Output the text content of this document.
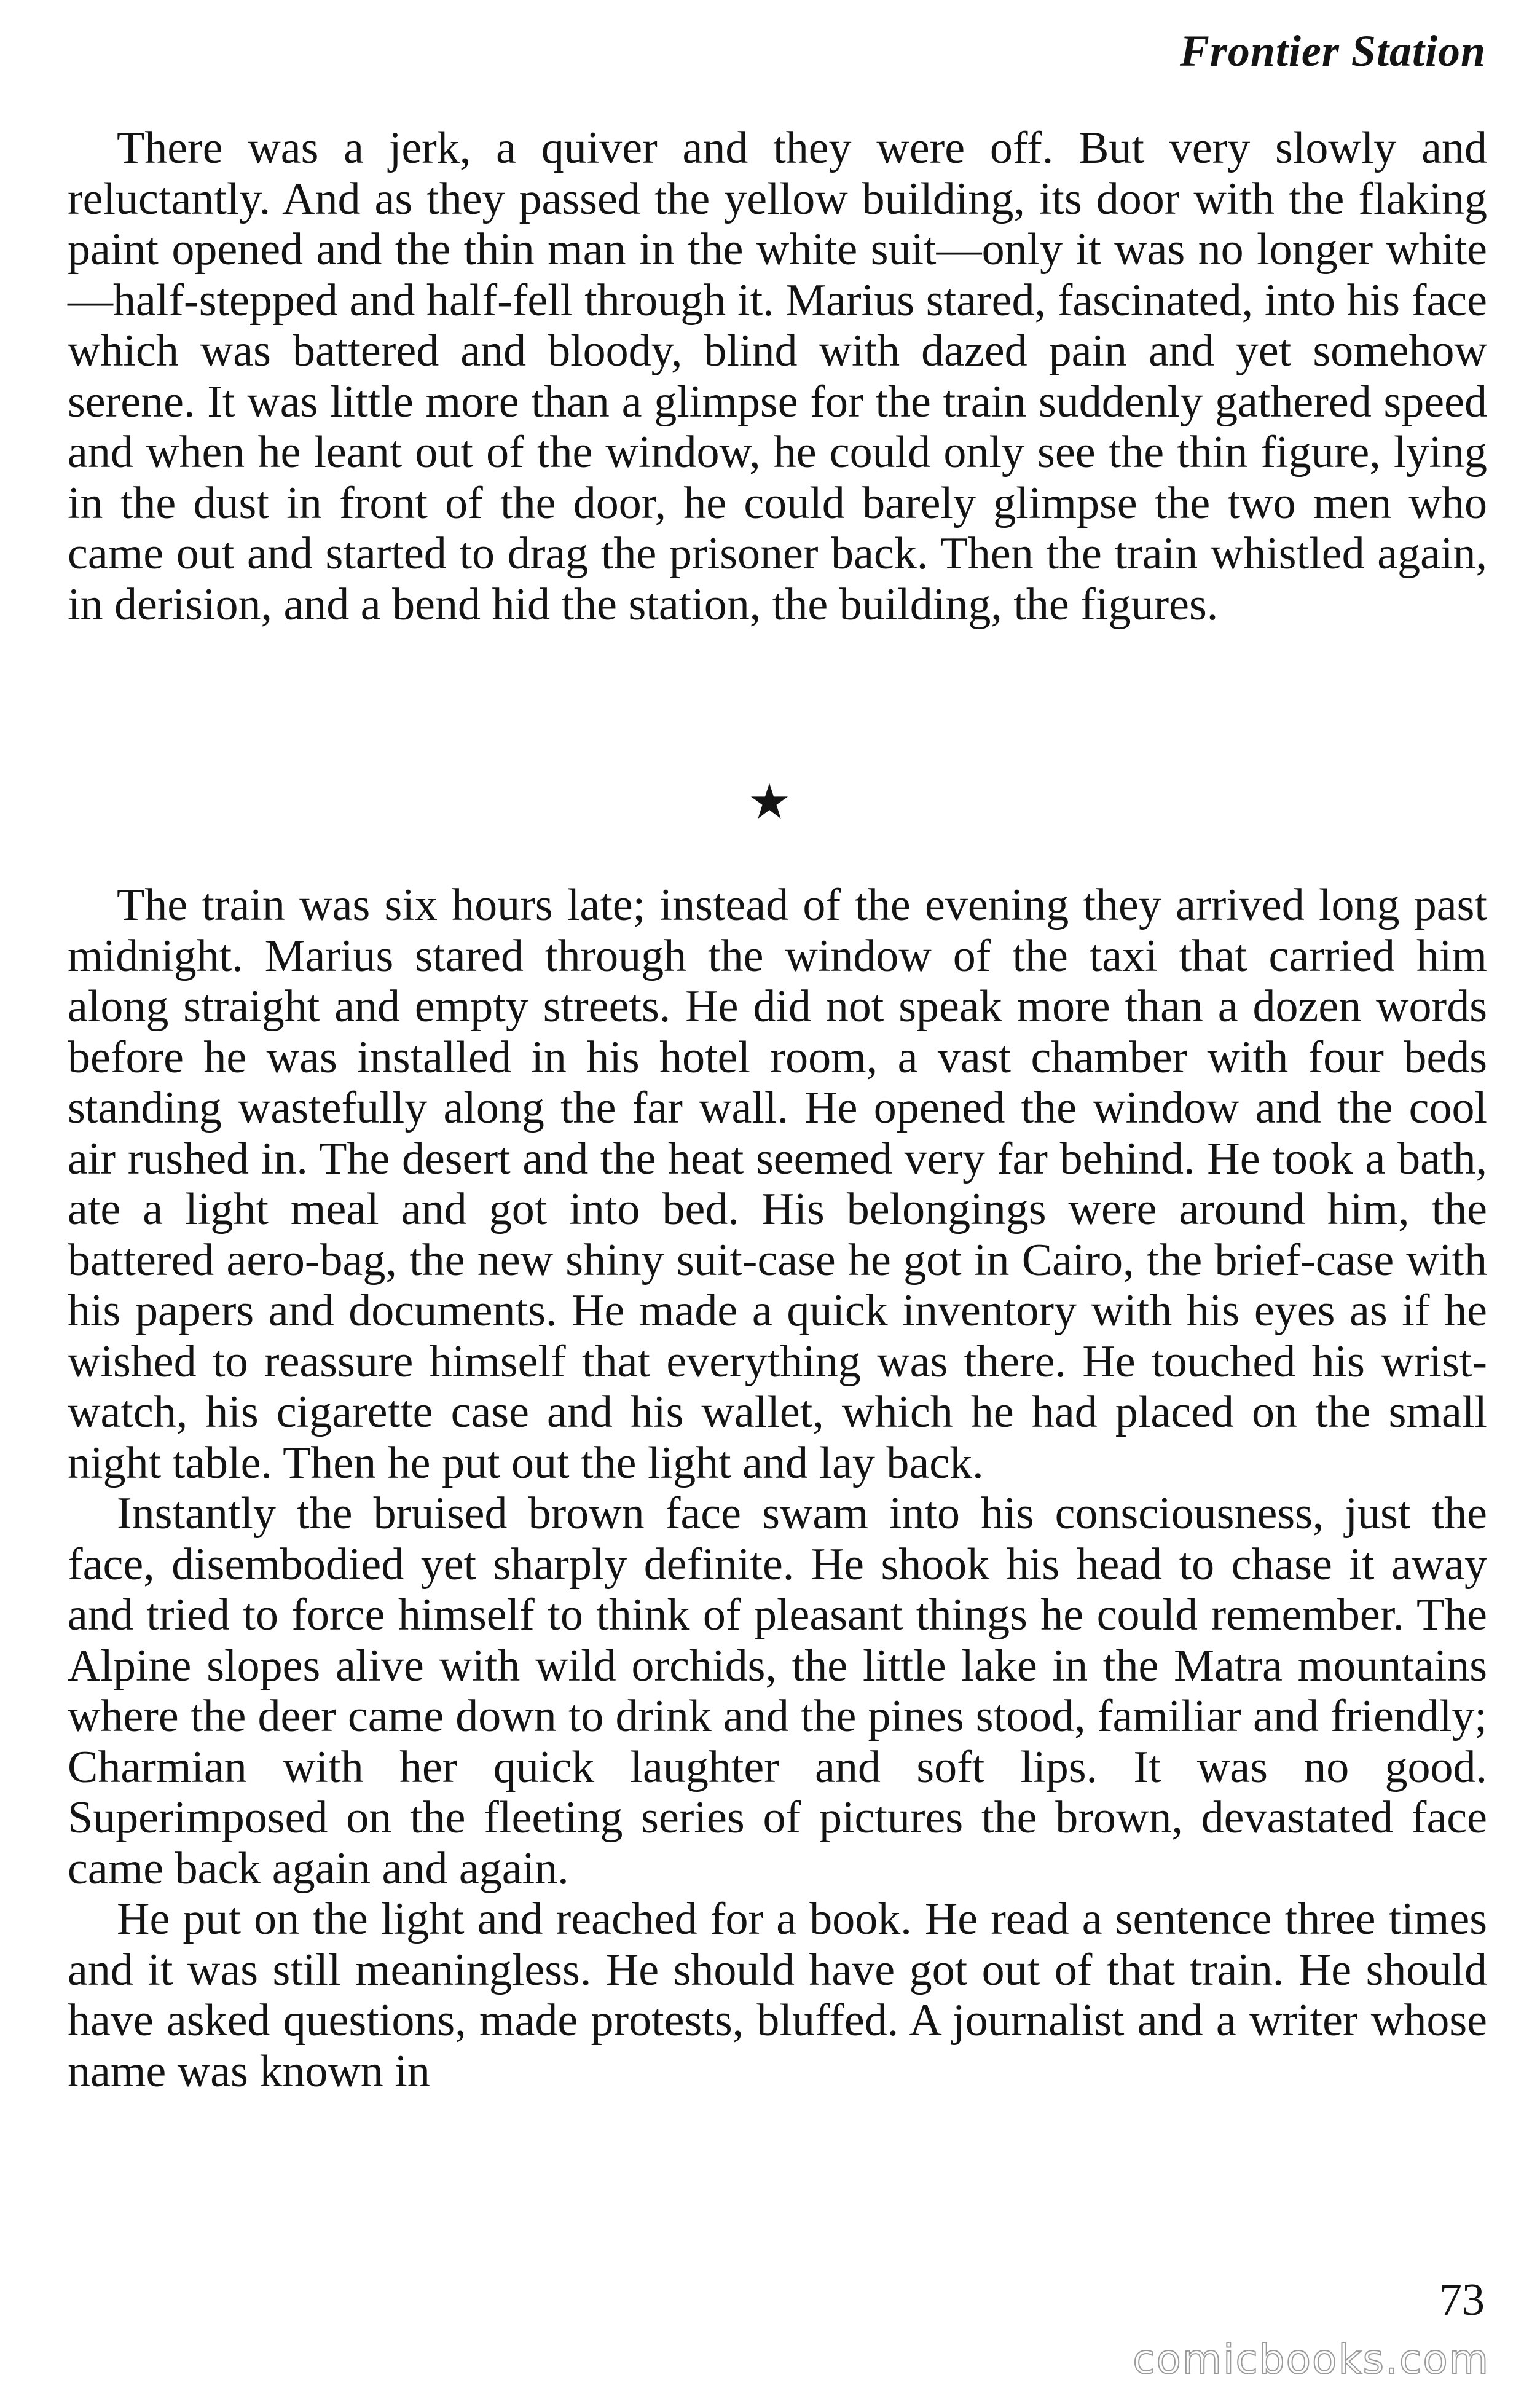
Frontier Station

There was a jerk, a quiver and they were off. But very slowly and reluctantly. And as they passed the yellow building, its door with the flaking paint opened and the thin man in the white suit—only it was no longer white—half-stepped and half-fell through it. Marius stared, fascinated, into his face which was battered and bloody, blind with dazed pain and yet somehow serene. It was little more than a glimpse for the train suddenly gathered speed and when he leant out of the window, he could only see the thin figure, lying in the dust in front of the door, he could barely glimpse the two men who came out and started to drag the prisoner back. Then the train whistled again, in derision, and a bend hid the station, the building, the figures.

The train was six hours late; instead of the evening they arrived long past midnight. Marius stared through the window of the taxi that carried him along straight and empty streets. He did not speak more than a dozen words before he was installed in his hotel room, a vast chamber with four beds standing wastefully along the far wall. He opened the window and the cool air rushed in. The desert and the heat seemed very far behind. He took a bath, ate a light meal and got into bed. His belongings were around him, the battered aero-bag, the new shiny suit-case he got in Cairo, the brief-case with his papers and documents. He made a quick inventory with his eyes as if he wished to reassure himself that everything was there. He touched his wrist-watch, his cigarette case and his wallet, which he had placed on the small night table. Then he put out the light and lay back.

Instantly the bruised brown face swam into his consciousness, just the face, disembodied yet sharply definite. He shook his head to chase it away and tried to force himself to think of pleasant things he could remember. The Alpine slopes alive with wild orchids, the little lake in the Matra mountains where the deer came down to drink and the pines stood, familiar and friendly; Charmian with her quick laughter and soft lips. It was no good. Superimposed on the fleeting series of pictures the brown, devastated face came back again and again.

He put on the light and reached for a book. He read a sentence three times and it was still meaningless. He should have got out of that train. He should have asked questions, made protests, bluffed. A journalist and a writer whose name was known in

73
comicbooks.com
